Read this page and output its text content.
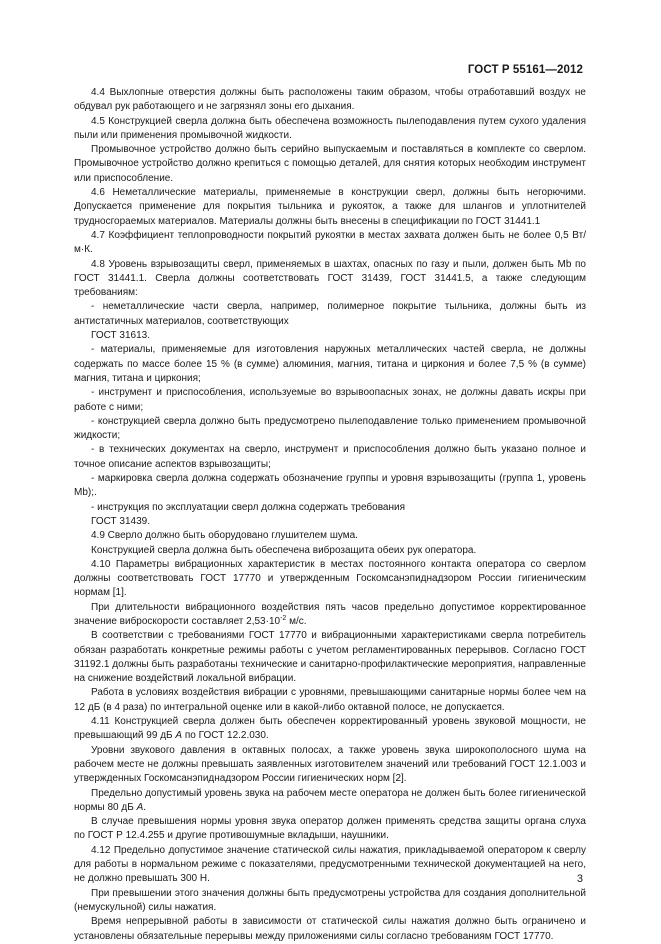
ГОСТ Р 55161—2012

4.4 Выхлопные отверстия должны быть расположены таким образом, чтобы отработавший воздух не обдувал рук работающего и не загрязнял зоны его дыхания.

4.5 Конструкцией сверла должна быть обеспечена возможность пылеподавления путем сухого удаления пыли или применения промывочной жидкости.

Промывочное устройство должно быть серийно выпускаемым и поставляться в комплекте со сверлом. Промывочное устройство должно крепиться с помощью деталей, для снятия которых необходим инструмент или приспособление.

4.6 Неметаллические материалы, применяемые в конструкции сверл, должны быть негорючими. Допускается применение для покрытия тыльника и рукояток, а также для шлангов и уплотнителей трудносгораемых материалов. Материалы должны быть внесены в спецификации по ГОСТ 31441.1

4.7 Коэффициент теплопроводности покрытий рукоятки в местах захвата должен быть не более 0,5 Вт/м·К.

4.8 Уровень взрывозащиты сверл, применяемых в шахтах, опасных по газу и пыли, должен быть Mb по ГОСТ 31441.1. Сверла должны соответствовать ГОСТ 31439, ГОСТ 31441.5, а также следующим требованиям:

- неметаллические части сверла, например, полимерное покрытие тыльника, должны быть из антистатичных материалов, соответствующих

ГОСТ 31613.

- материалы, применяемые для изготовления наружных металлических частей сверла, не должны содержать по массе более 15 % (в сумме) алюминия, магния, титана и циркония и более 7,5 % (в сумме) магния, титана и циркония;

- инструмент и приспособления, используемые во взрывоопасных зонах, не должны давать искры при работе с ними;

- конструкцией сверла должно быть предусмотрено пылеподавление только применением промывочной жидкости;

- в технических документах на сверло, инструмент и приспособления должно быть указано полное и точное описание аспектов взрывозащиты;

- маркировка сверла должна содержать обозначение группы и уровня взрывозащиты (группа 1, уровень Mb);.

- инструкция по эксплуатации сверл должна содержать требования

ГОСТ 31439.

4.9 Сверло должно быть оборудовано глушителем шума.

Конструкцией сверла должна быть обеспечена виброзащита обеих рук оператора.

4.10 Параметры вибрационных характеристик в местах постоянного контакта оператора со сверлом должны соответствовать ГОСТ 17770 и утвержденным Госкомсанэпиднадзором России гигиеническим нормам [1].

При длительности вибрационного воздействия пять часов предельно допустимое корректированное значение виброскорости составляет $2,53\cdot 10^{-2}$ м/с.

В соответствии с требованиями ГОСТ 17770 и вибрационными характеристиками сверла потребитель обязан разработать конкретные режимы работы с учетом регламентированных перерывов. Согласно ГОСТ 31192.1 должны быть разработаны технические и санитарно-профилактические мероприятия, направленные на снижение воздействий локальной вибрации.

Работа в условиях воздействия вибрации с уровнями, превышающими санитарные нормы более чем на 12 дБ (в 4 раза) по интегральной оценке или в какой-либо октавной полосе, не допускается.

4.11 Конструкцией сверла должен быть обеспечен корректированный уровень звуковой мощности, не превышающий 99 дБ А по ГОСТ 12.2.030.

Уровни звукового давления в октавных полосах, а также уровень звука широкополосного шума на рабочем месте не должны превышать заявленных изготовителем значений или требований ГОСТ 12.1.003 и утвержденных Госкомсанэпиднадзором России гигиенических норм [2].

Предельно допустимый уровень звука на рабочем месте оператора не должен быть более гигиенической нормы 80 дБ А.

В случае превышения нормы уровня звука оператор должен применять средства защиты органа слуха по ГОСТ Р 12.4.255 и другие противошумные вкладыши, наушники.

4.12 Предельно допустимое значение статической силы нажатия, прикладываемой оператором к сверлу для работы в нормальном режиме с показателями, предусмотренными технической документацией на него, не должно превышать 300 Н.

При превышении этого значения должны быть предусмотрены устройства для создания дополнительной (немускульной) силы нажатия.

Время непрерывной работы в зависимости от статической силы нажатия должно быть ограничено и установлены обязательные перерывы между приложениями силы согласно требованиям ГОСТ 17770.

3
